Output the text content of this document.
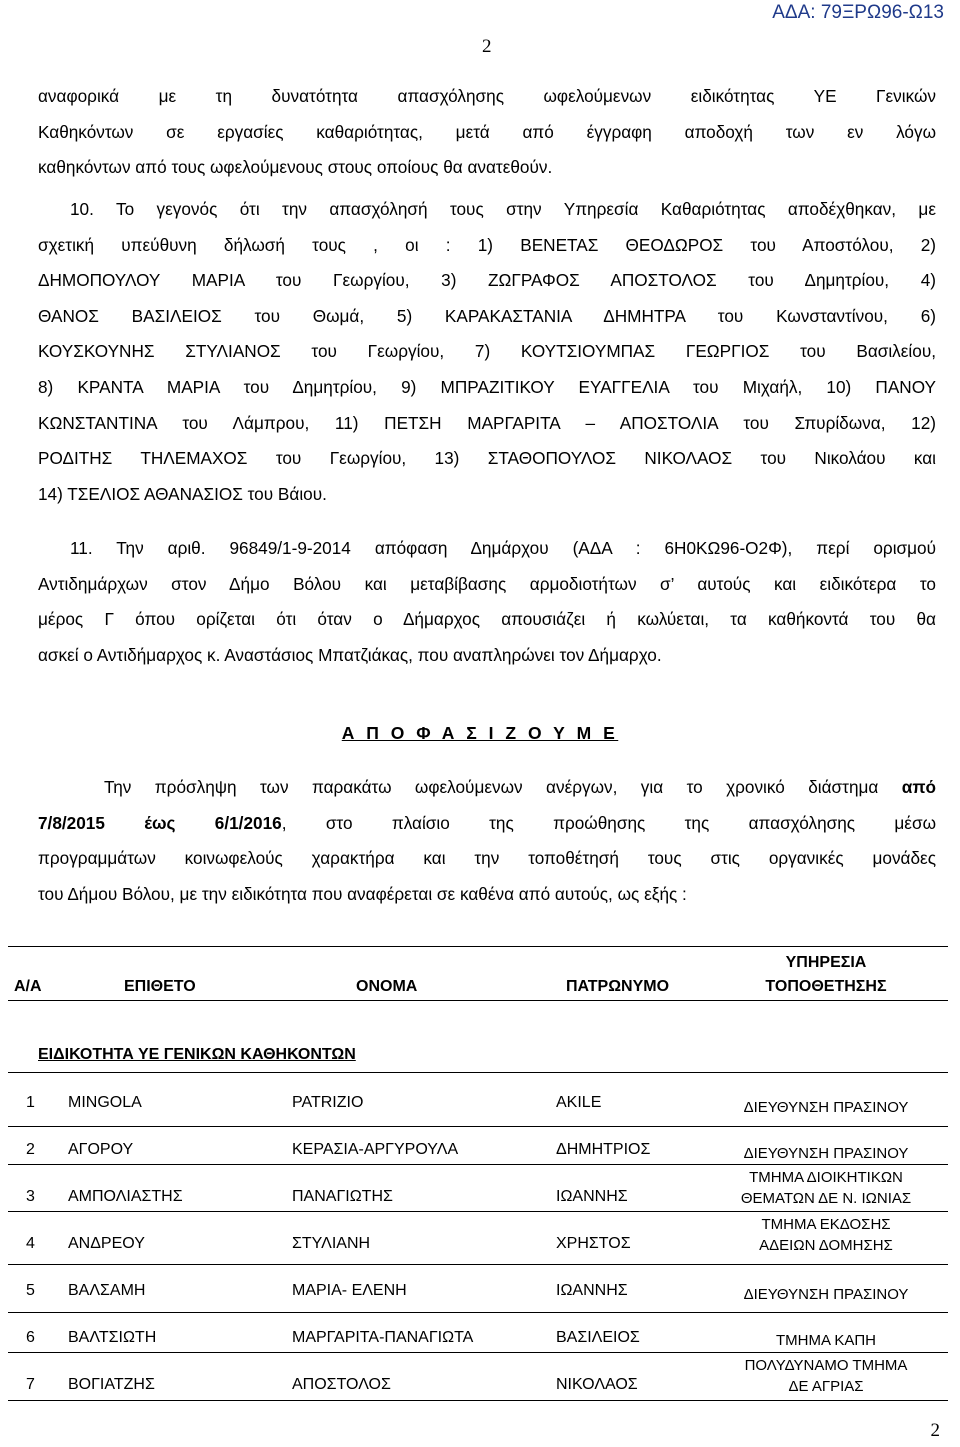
ΑΔΑ: 79ΞΡΩ96-Ω13
2
αναφορικά με τη δυνατότητα απασχόλησης ωφελούμενων ειδικότητας ΥΕ Γενικών
Καθηκόντων σε εργασίες καθαριότητας, μετά από έγγραφη αποδοχή των εν λόγω
καθηκόντων από τους ωφελούμενους στους οποίους θα ανατεθούν.
10. Το γεγονός ότι την απασχόλησή τους στην Υπηρεσία Καθαριότητας αποδέχθηκαν, με
σχετική υπεύθυνη δήλωσή τους , οι : 1) ΒΕΝΕΤΑΣ ΘΕΟΔΩΡΟΣ του Αποστόλου, 2)
ΔΗΜΟΠΟΥΛΟΥ ΜΑΡΙΑ του Γεωργίου, 3) ΖΩΓΡΑΦΟΣ ΑΠΟΣΤΟΛΟΣ του Δημητρίου, 4)
ΘΑΝΟΣ ΒΑΣΙΛΕΙΟΣ του Θωμά, 5) ΚΑΡΑΚΑΣΤΑΝΙΑ ΔΗΜΗΤΡΑ του Κωνσταντίνου, 6)
ΚΟΥΣΚΟΥΝΗΣ ΣΤΥΛΙΑΝΟΣ του Γεωργίου, 7) ΚΟΥΤΣΙΟΥΜΠΑΣ ΓΕΩΡΓΙΟΣ του Βασιλείου,
8) ΚΡΑΝΤΑ ΜΑΡΙΑ του Δημητρίου, 9) ΜΠΡΑΖΙΤΙΚΟΥ ΕΥΑΓΓΕΛΙΑ του Μιχαήλ, 10) ΠΑΝΟΥ
ΚΩΝΣΤΑΝΤΙΝΑ του Λάμπρου, 11) ΠΕΤΣΗ ΜΑΡΓΑΡΙΤΑ – ΑΠΟΣΤΟΛΙΑ του Σπυρίδωνα, 12)
ΡΟΔΙΤΗΣ ΤΗΛΕΜΑΧΟΣ του Γεωργίου, 13) ΣΤΑΘΟΠΟΥΛΟΣ ΝΙΚΟΛΑΟΣ του Νικολάου και
14) ΤΣΕΛΙΟΣ ΑΘΑΝΑΣΙΟΣ του Βάιου.
11. Την αριθ. 96849/1-9-2014 απόφαση Δημάρχου (ΑΔΑ : 6Η0ΚΩ96-Ο2Φ), περί ορισμού
Αντιδημάρχων στον Δήμο Βόλου και μεταβίβασης αρμοδιοτήτων σ’ αυτούς και ειδικότερα το
μέρος Γ όπου ορίζεται ότι όταν ο Δήμαρχος απουσιάζει ή κωλύεται, τα καθήκοντά του θα
ασκεί ο Αντιδήμαρχος κ. Αναστάσιος Μπατζιάκας, που αναπληρώνει τον Δήμαρχο.
Α Π Ο Φ Α Σ Ι Ζ Ο Υ Μ Ε
Την πρόσληψη των παρακάτω ωφελούμενων ανέργων, για το χρονικό διάστημα από
7/8/2015 έως 6/1/2016, στο πλαίσιο της προώθησης της απασχόλησης μέσω
προγραμμάτων κοινωφελούς χαρακτήρα και την τοποθέτησή τους στις οργανικές μονάδες
του Δήμου Βόλου, με την ειδικότητα που αναφέρεται σε καθένα από αυτούς, ως εξής :
Α/Α	ΕΠΙΘΕΤΟ	ΟΝΟΜΑ	ΠΑΤΡΩΝΥΜΟ
ΥΠΗΡΕΣΙΑ
ΤΟΠΟΘΕΤΗΣΗΣ
ΕΙΔΙΚΟΤΗΤΑ ΥΕ ΓΕΝΙΚΩΝ ΚΑΘΗΚΟΝΤΩΝ
1 MINGOLA	PATRIZIO	AKILE	ΔΙΕΥΘΥΝΣΗ ΠΡΑΣΙΝΟΥ
2 ΑΓΟΡΟΥ	ΚΕΡΑΣΙΑ-ΑΡΓΥΡΟΥΛΑ	ΔΗΜΗΤΡΙΟΣ	ΔΙΕΥΘΥΝΣΗ ΠΡΑΣΙΝΟΥ
3 ΑΜΠΟΛΙΑΣΤΗΣ	ΠΑΝΑΓΙΩΤΗΣ	ΙΩΑΝΝΗΣ
ΤΜΗΜΑ ΔΙΟΙΚΗΤΙΚΩΝ
ΘΕΜΑΤΩΝ ΔΕ Ν. ΙΩΝΙΑΣ
4 ΑΝΔΡΕΟΥ	ΣΤΥΛΙΑΝΗ	ΧΡΗΣΤΟΣ
ΤΜΗΜΑ ΕΚΔΟΣΗΣ
ΑΔΕΙΩΝ ΔΟΜΗΣΗΣ
5 ΒΑΛΣΑΜΗ	ΜΑΡΙΑ- ΕΛΕΝΗ	ΙΩΑΝΝΗΣ	ΔΙΕΥΘΥΝΣΗ ΠΡΑΣΙΝΟΥ
6 ΒΑΛΤΣΙΩΤΗ	ΜΑΡΓΑΡΙΤΑ-ΠΑΝΑΓΙΩΤΑ	ΒΑΣΙΛΕΙΟΣ	ΤΜΗΜΑ ΚΑΠΗ
7 ΒΟΓΙΑΤΖΗΣ	ΑΠΟΣΤΟΛΟΣ	ΝΙΚΟΛΑΟΣ
ΠΟΛΥΔΥΝΑΜΟ ΤΜΗΜΑ
ΔΕ ΑΓΡΙΑΣ
2
